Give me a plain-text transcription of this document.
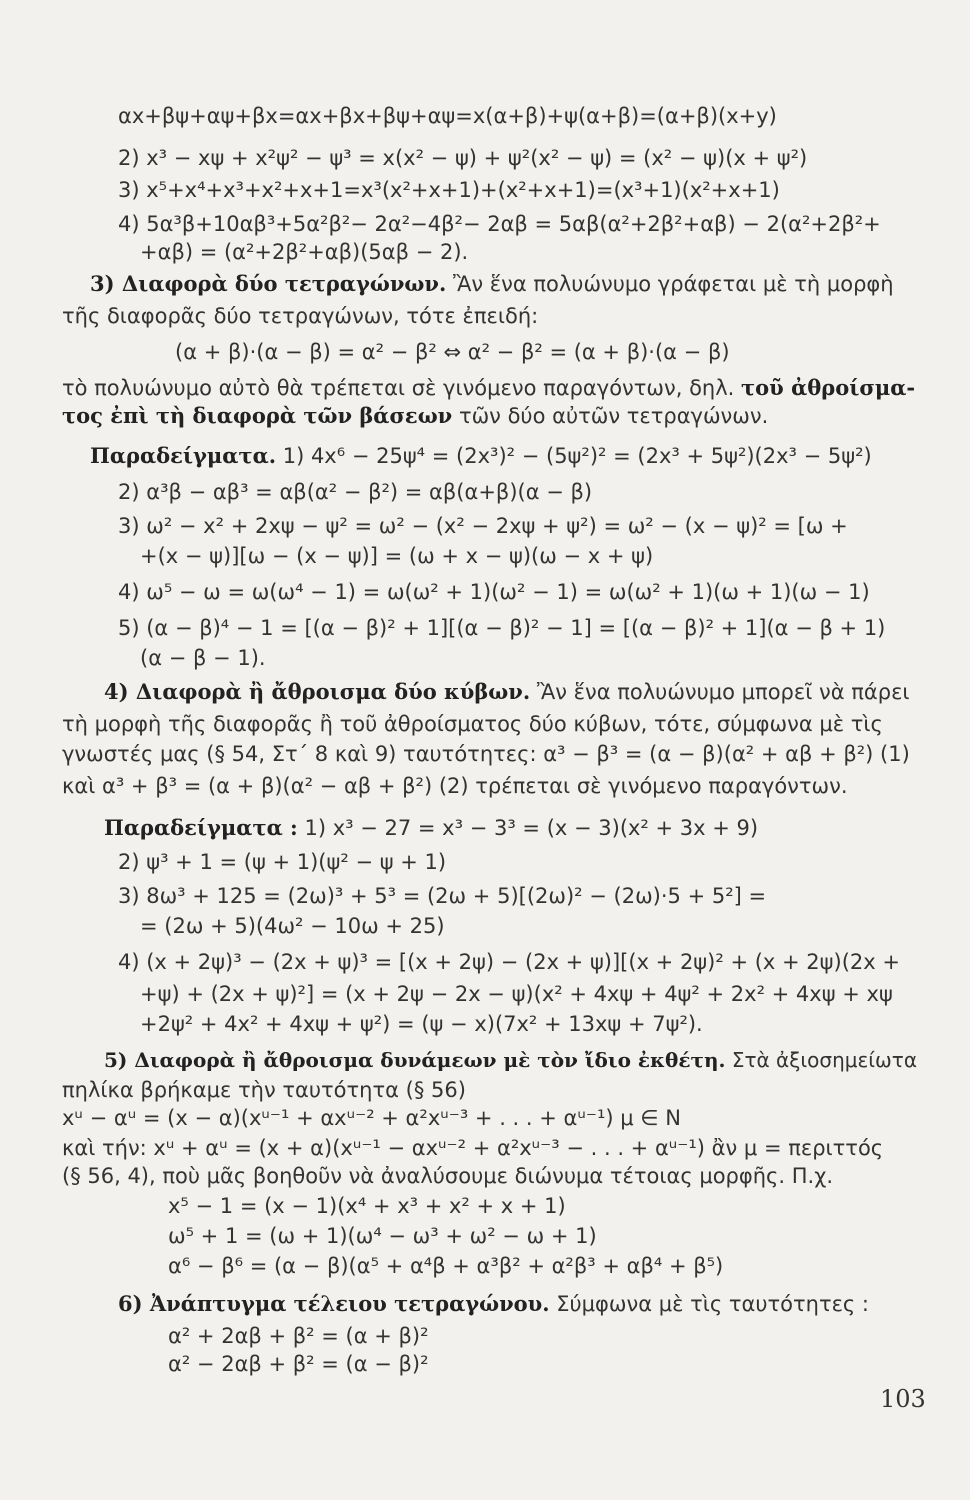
αx+βψ+αψ+βx=αx+βx+βψ+αψ=x(α+β)+ψ(α+β)=(α+β)(x+y)
2) x³ − xψ + x²ψ² − ψ³ = x(x² − ψ) + ψ²(x² − ψ) = (x² − ψ)(x + ψ²)
3) x⁵+x⁴+x³+x²+x+1=x³(x²+x+1)+(x²+x+1)=(x³+1)(x²+x+1)
4) 5α³β+10αβ³+5α²β²− 2α²−4β²− 2αβ = 5αβ(α²+2β²+αβ) − 2(α²+2β²+
+αβ) = (α²+2β²+αβ)(5αβ − 2).
3) Διαφορὰ δύο τετραγώνων. Ἂν ἕνα πολυώνυμο γράφεται μὲ τὴ μορφὴ
τῆς διαφορᾶς δύο τετραγώνων, τότε ἐπειδή:
(α + β)·(α − β) = α² − β² ⇔ α² − β² = (α + β)·(α − β)
τὸ πολυώνυμο αὐτὸ θὰ τρέπεται σὲ γινόμενο παραγόντων, δηλ. τοῦ ἀθροίσμα-
τος ἐπὶ τὴ διαφορὰ τῶν βάσεων τῶν δύο αὐτῶν τετραγώνων.
Παραδείγματα. 1) 4x⁶ − 25ψ⁴ = (2x³)² − (5ψ²)² = (2x³ + 5ψ²)(2x³ − 5ψ²)
2) α³β − αβ³ = αβ(α² − β²) = αβ(α+β)(α − β)
3) ω² − x² + 2xψ − ψ² = ω² − (x² − 2xψ + ψ²) = ω² − (x − ψ)² = [ω +
+(x − ψ)][ω − (x − ψ)] = (ω + x − ψ)(ω − x + ψ)
4) ω⁵ − ω = ω(ω⁴ − 1) = ω(ω² + 1)(ω² − 1) = ω(ω² + 1)(ω + 1)(ω − 1)
5) (α − β)⁴ − 1 = [(α − β)² + 1][(α − β)² − 1] = [(α − β)² + 1](α − β + 1)
(α − β − 1).
4) Διαφορὰ ἢ ἄθροισμα δύο κύβων. Ἂν ἕνα πολυώνυμο μπορεῖ νὰ πάρει
τὴ μορφὴ τῆς διαφορᾶς ἢ τοῦ ἀθροίσματος δύο κύβων, τότε, σύμφωνα μὲ τὶς
γνωστές μας (§ 54, Στ΄ 8 καὶ 9) ταυτότητες: α³ − β³ = (α − β)(α² + αβ + β²) (1)
καὶ α³ + β³ = (α + β)(α² − αβ + β²) (2) τρέπεται σὲ γινόμενο παραγόντων.
Παραδείγματα : 1) x³ − 27 = x³ − 3³ = (x − 3)(x² + 3x + 9)
2) ψ³ + 1 = (ψ + 1)(ψ² − ψ + 1)
3) 8ω³ + 125 = (2ω)³ + 5³ = (2ω + 5)[(2ω)² − (2ω)·5 + 5²] =
= (2ω + 5)(4ω² − 10ω + 25)
4) (x + 2ψ)³ − (2x + ψ)³ = [(x + 2ψ) − (2x + ψ)][(x + 2ψ)² + (x + 2ψ)(2x +
+ψ) + (2x + ψ)²] = (x + 2ψ − 2x − ψ)(x² + 4xψ + 4ψ² + 2x² + 4xψ + xψ
+2ψ² + 4x² + 4xψ + ψ²) = (ψ − x)(7x² + 13xψ + 7ψ²).
5) Διαφορὰ ἢ ἄθροισμα δυνάμεων μὲ τὸν ἴδιο ἐκθέτη. Στὰ ἀξιοσημείωτα
πηλίκα βρήκαμε τὴν ταυτότητα (§ 56)
xᵘ − αᵘ = (x − α)(xᵘ⁻¹ + αxᵘ⁻² + α²xᵘ⁻³ + . . . + αᵘ⁻¹) μ ∈ N
καὶ τήν: xᵘ + αᵘ = (x + α)(xᵘ⁻¹ − αxᵘ⁻² + α²xᵘ⁻³ − . . . + αᵘ⁻¹) ἂν μ = περιττός
(§ 56, 4), ποὺ μᾶς βοηθοῦν νὰ ἀναλύσουμε διώνυμα τέτοιας μορφῆς. Π.χ.
x⁵ − 1 = (x − 1)(x⁴ + x³ + x² + x + 1)
ω⁵ + 1 = (ω + 1)(ω⁴ − ω³ + ω² − ω + 1)
α⁶ − β⁶ = (α − β)(α⁵ + α⁴β + α³β² + α²β³ + αβ⁴ + β⁵)
6) Ἀνάπτυγμα τέλειου τετραγώνου. Σύμφωνα μὲ τὶς ταυτότητες :
α² + 2αβ + β² = (α + β)²
α² − 2αβ + β² = (α − β)²
103
